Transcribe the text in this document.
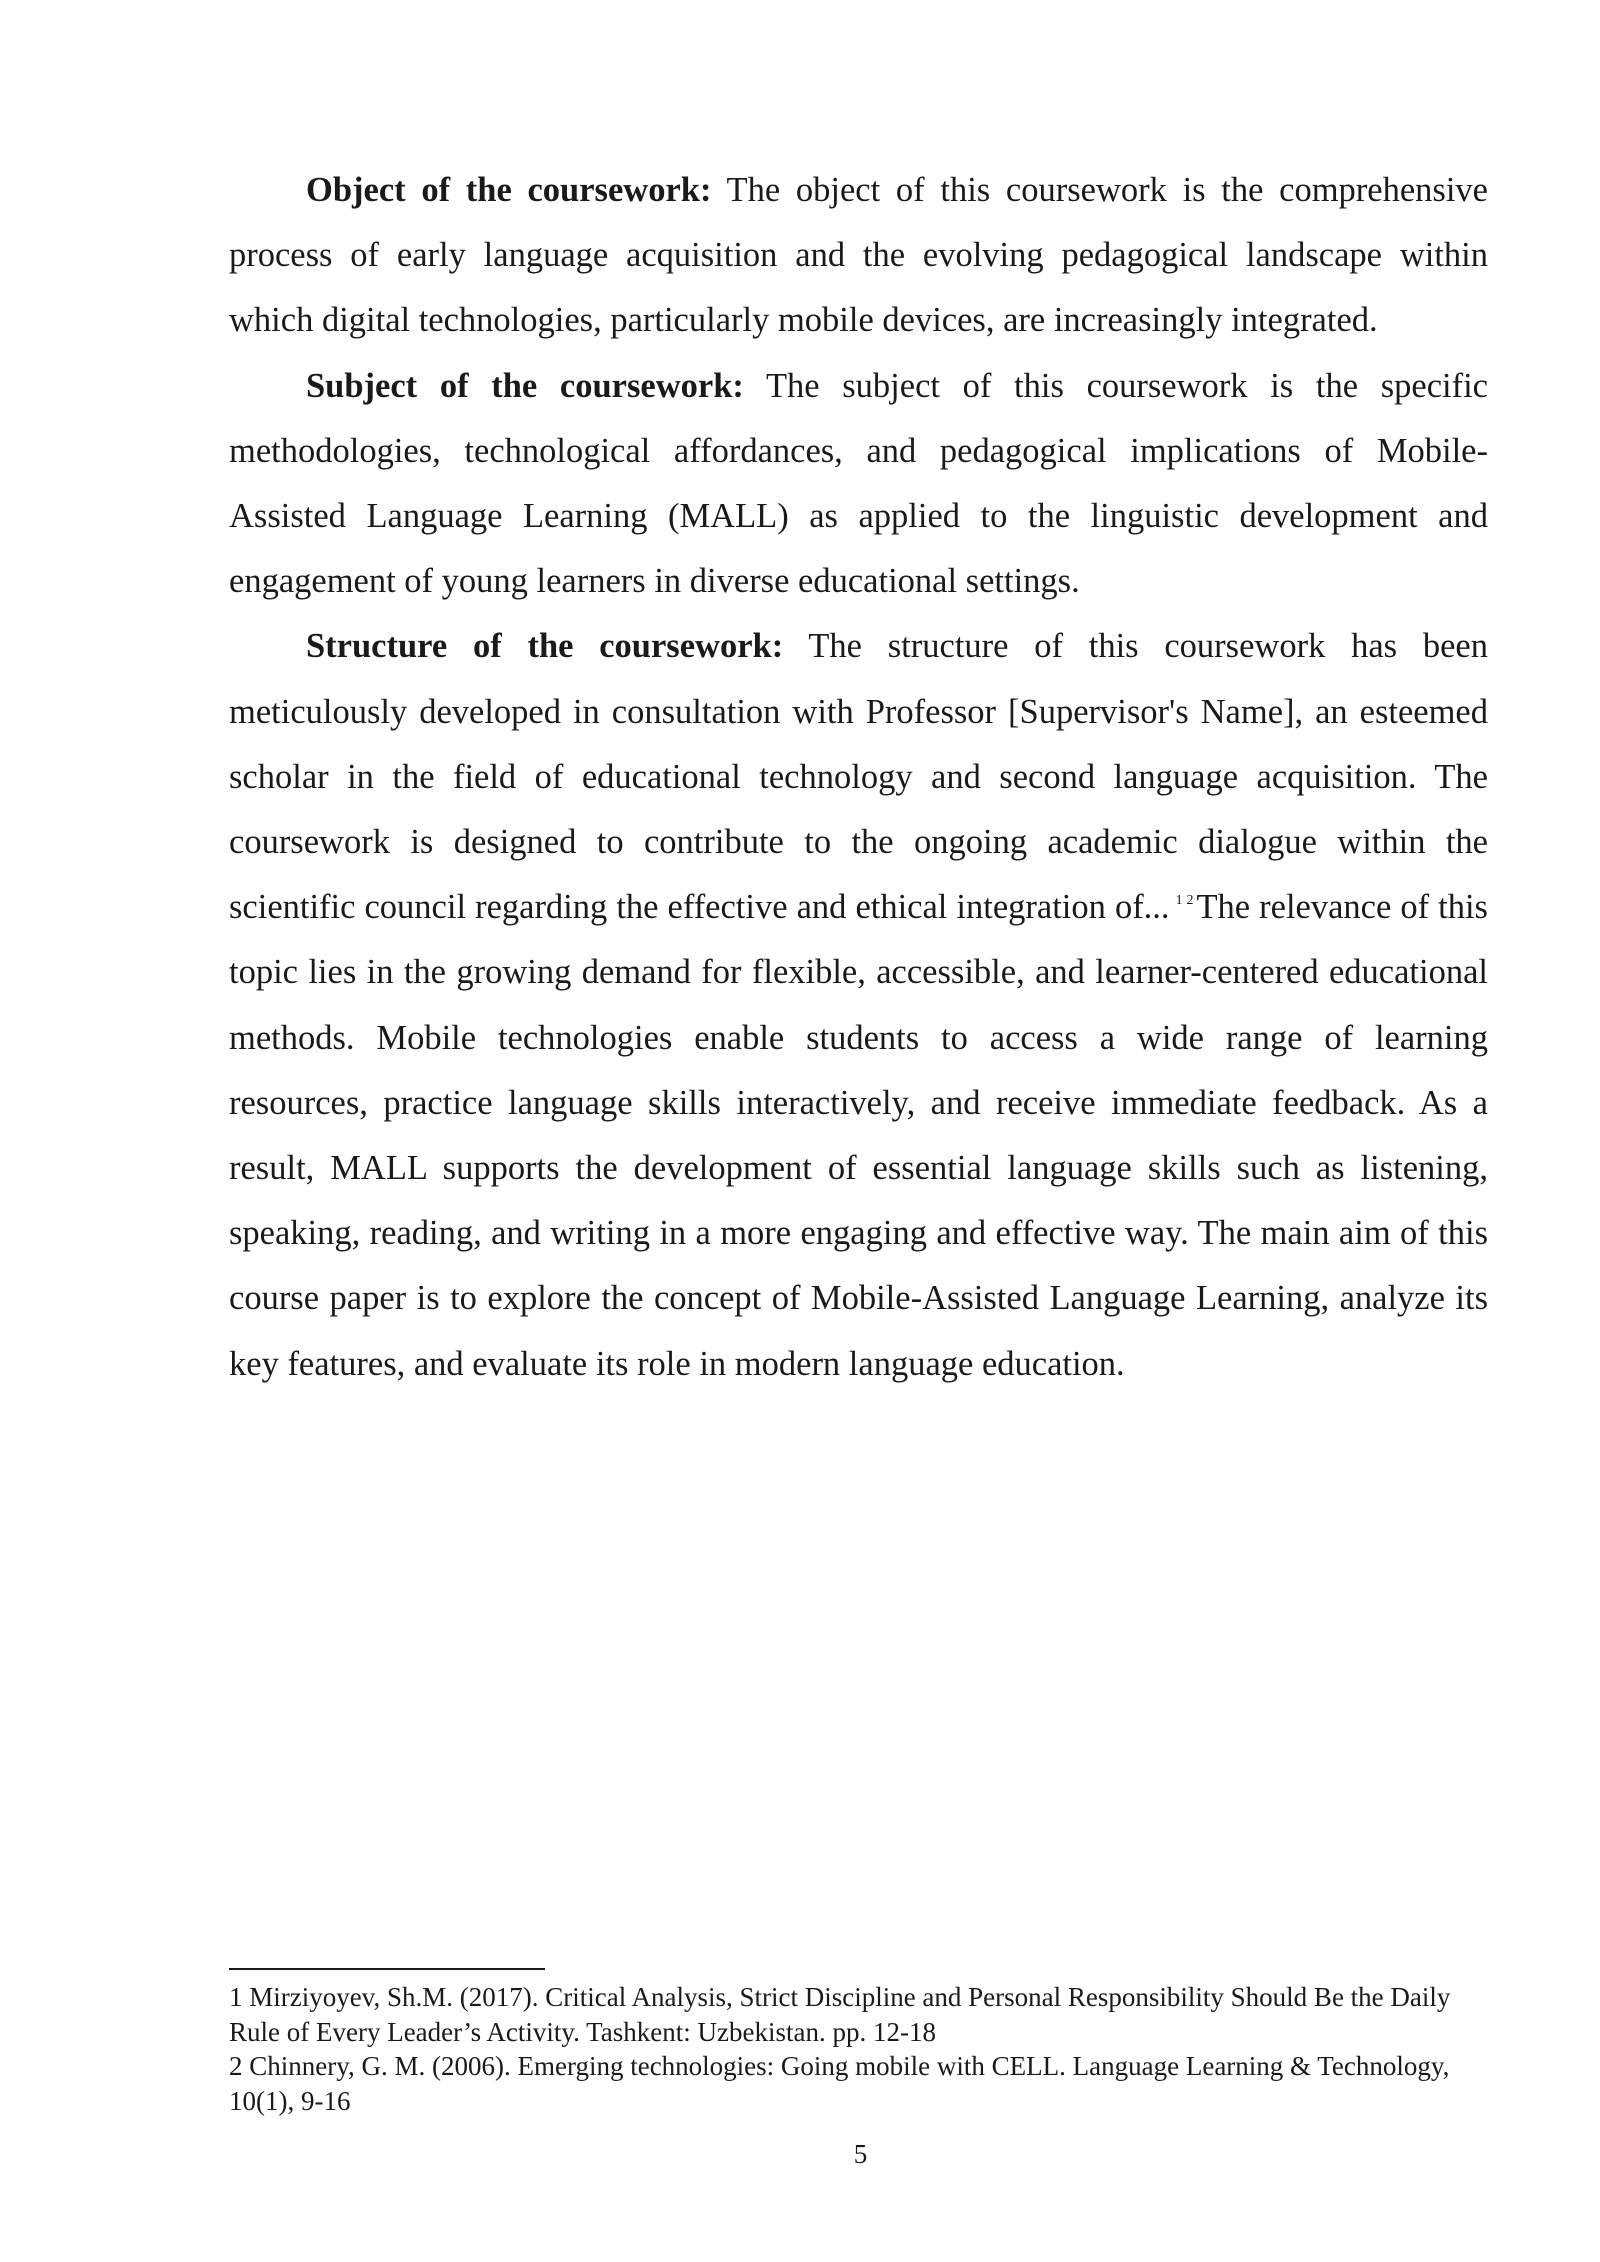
Object of the coursework: The object of this coursework is the comprehensive process of early language acquisition and the evolving pedagogical landscape within which digital technologies, particularly mobile devices, are increasingly integrated.

Subject of the coursework: The subject of this coursework is the specific methodologies, technological affordances, and pedagogical implications of Mobile-Assisted Language Learning (MALL) as applied to the linguistic development and engagement of young learners in diverse educational settings.

Structure of the coursework: The structure of this coursework has been meticulously developed in consultation with Professor [Supervisor's Name], an esteemed scholar in the field of educational technology and second language acquisition. The coursework is designed to contribute to the ongoing academic dialogue within the scientific council regarding the effective and ethical integration of... $^{1 2}$The relevance of this topic lies in the growing demand for flexible, accessible, and learner-centered educational methods. Mobile technologies enable students to access a wide range of learning resources, practice language skills interactively, and receive immediate feedback. As a result, MALL supports the development of essential language skills such as listening, speaking, reading, and writing in a more engaging and effective way. The main aim of this course paper is to explore the concept of Mobile-Assisted Language Learning, analyze its key features, and evaluate its role in modern language education.

1 Mirziyoyev, Sh.M. (2017). Critical Analysis, Strict Discipline and Personal Responsibility Should Be the Daily Rule of Every Leader’s Activity. Tashkent: Uzbekistan. pp. 12-18

2 Chinnery, G. M. (2006). Emerging technologies: Going mobile with CELL. Language Learning & Technology, 10(1), 9-16

5
